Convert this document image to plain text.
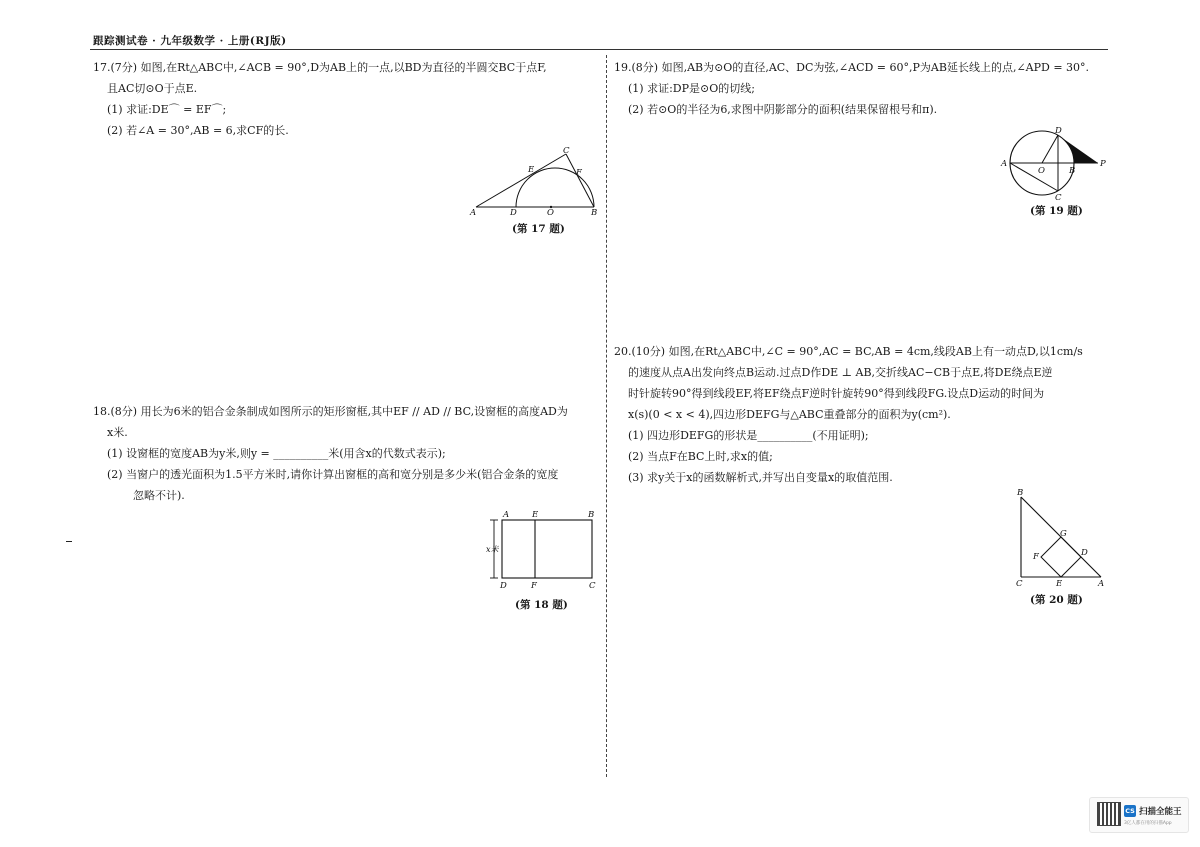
跟踪测试卷 · 九年级数学 · 上册(RJ版)

17.(7分) 如图,在Rt△ABC中,∠ACB = 90°,D为AB上的一点,以BD为直径的半圆交BC于点F,

且AC切⊙O于点E.

(1) 求证:DE⌒ = EF⌒;

(2) 若∠A = 30°,AB = 6,求CF的长.

A	D	O	B
E
C
F
(第 17 题)

18.(8分) 用长为6米的铝合金条制成如图所示的矩形窗框,其中EF // AD // BC,设窗框的高度AD为

x米.

(1) 设窗框的宽度AB为y米,则y = __________米(用含x的代数式表示);

(2) 当窗户的透光面积为1.5平方米时,请你计算出窗框的高和宽分别是多少米(铝合金条的宽度

忽略不计).

A	E	B
D	F	C
x米
(第 18 题)

19.(8分) 如图,AB为⊙O的直径,AC、DC为弦,∠ACD = 60°,P为AB延长线上的点,∠APD = 30°.

(1) 求证:DP是⊙O的切线;

(2) 若⊙O的半径为6,求图中阴影部分的面积(结果保留根号和π).

A
O	B
P
D
C
(第 19 题)

20.(10分) 如图,在Rt△ABC中,∠C = 90°,AC = BC,AB = 4cm,线段AB上有一动点D,以1cm/s

的速度从点A出发向终点B运动.过点D作DE ⊥ AB,交折线AC−CB于点E,将DE绕点E逆

时针旋转90°得到线段EF,将EF绕点F逆时针旋转90°得到线段FG.设点D运动的时间为

x(s)(0 < x < 4),四边形DEFG与△ABC重叠部分的面积为y(cm²).

(1) 四边形DEFG的形状是__________(不用证明);

(2) 当点F在BC上时,求x的值;

(3) 求y关于x的函数解析式,并写出自变量x的取值范围.

B
G
D
F
C	E	A
(第 20 题)
CS 扫描全能王
3亿人都在用的扫描App
